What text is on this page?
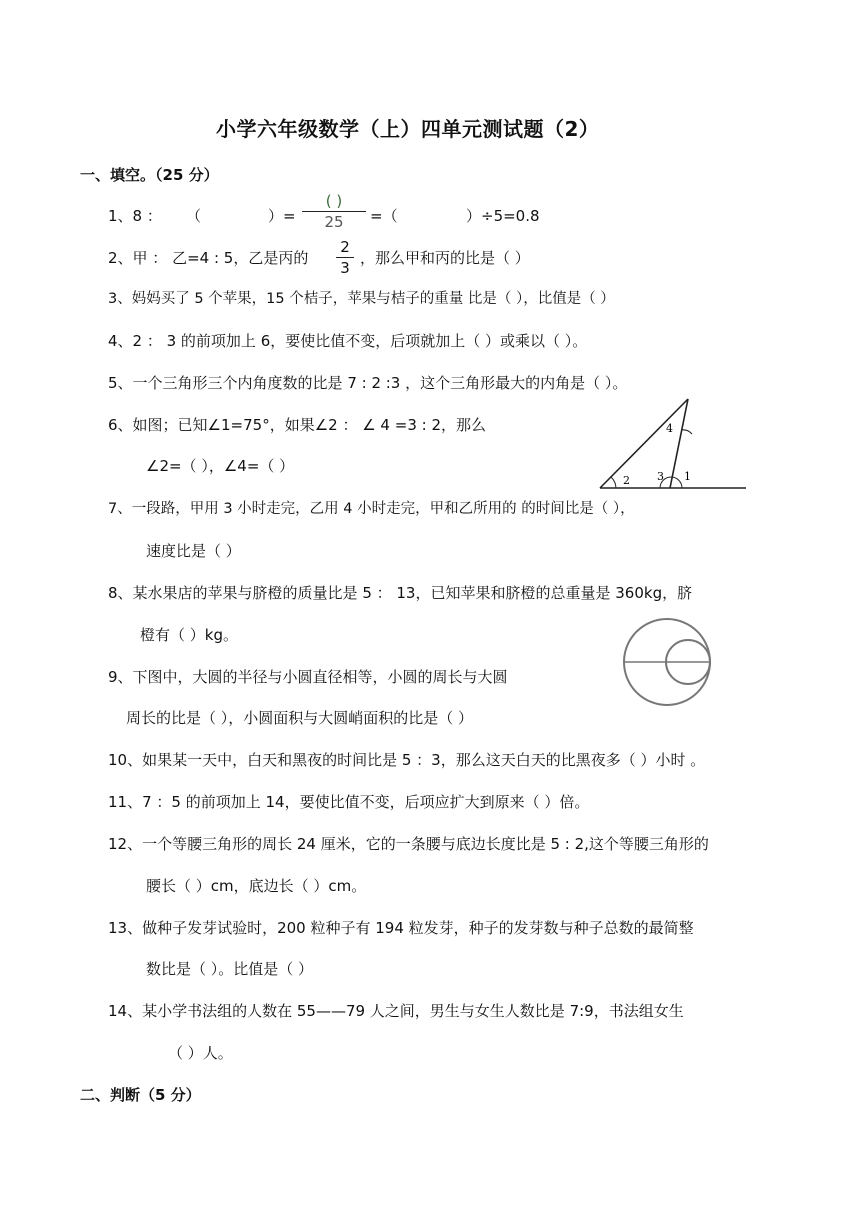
小学六年级数学（上）四单元测试题（2）
一、填空。（25 分）
1、8 ： （	）=
( )
25	=（	）÷5=0.8
2、甲 ： 乙=4 : 5，乙是丙的
2
3
，那么甲和丙的比是（ ）
3、妈妈买了 5 个苹果，15 个桔子，苹果与桔子的重量 比是（ ），比值是（ ）
4、2 ： 3 的前项加上 6，要使比值不变，后项就加上（ ）或乘以（ ）。
5、一个三角形三个内角度数的比是 7 : 2 :3 ，这个三角形最大的内角是（ ）。
6、如图；已知∠1=75°，如果∠2 ： ∠ 4 =3 : 2，那么
∠2=（ ），∠4=（ ）
4
3
2	1
7、一段路，甲用 3 小时走完，乙用 4 小时走完，甲和乙所用的 的时间比是（ ），
速度比是（ ）
8、某水果店的苹果与脐橙的质量比是 5 ： 13，已知苹果和脐橙的总重量是 360kg，脐
橙有（ ）kg。
9、下图中，大圆的半径与小圆直径相等，小圆的周长与大圆
周长的比是（ ），小圆面积与大圆峭面积的比是（ ）
10、如果某一天中，白天和黑夜的时间比是 5 ：3，那么这天白天的比黑夜多（ ）小时 。
11、7 ：5 的前项加上 14，要使比值不变，后项应扩大到原来（ ）倍。
12、一个等腰三角形的周长 24 厘米，它的一条腰与底边长度比是 5 : 2,这个等腰三角形的
腰长（ ）cm，底边长（ ）cm。
13、做种子发芽试验时，200 粒种子有 194 粒发芽，种子的发芽数与种子总数的最简整
数比是（ ）。比值是（ ）
14、某小学书法组的人数在 55——79 人之间，男生与女生人数比是 7:9，书法组女生
（ ）人。
二、判断（5 分）
